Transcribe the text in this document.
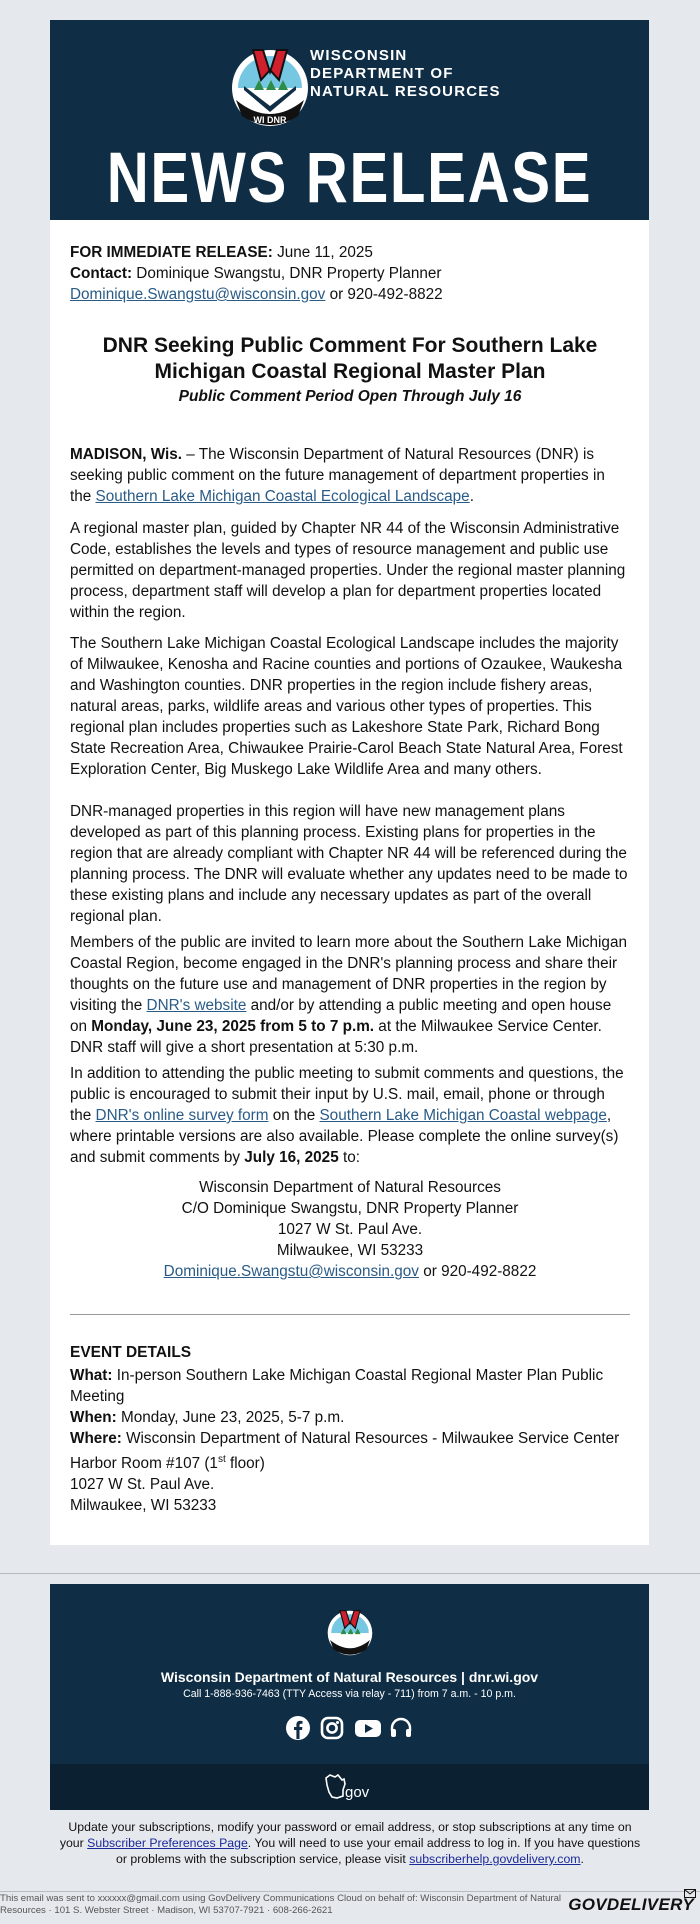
WI DNR
WISCONSIN
DEPARTMENT OF
NATURAL RESOURCES
NEWS RELEASE
FOR IMMEDIATE RELEASE: June 11, 2025
Contact: Dominique Swangstu, DNR Property Planner
Dominique.Swangstu@wisconsin.gov or 920-492-8822
DNR Seeking Public Comment For Southern Lake Michigan Coastal Regional Master Plan
Public Comment Period Open Through July 16

MADISON, Wis. – The Wisconsin Department of Natural Resources (DNR) is seeking public comment on the future management of department properties in the Southern Lake Michigan Coastal Ecological Landscape.

A regional master plan, guided by Chapter NR 44 of the Wisconsin Administrative Code, establishes the levels and types of resource management and public use permitted on department-managed properties. Under the regional master planning process, department staff will develop a plan for department properties located within the region.

The Southern Lake Michigan Coastal Ecological Landscape includes the majority of Milwaukee, Kenosha and Racine counties and portions of Ozaukee, Waukesha and Washington counties. DNR properties in the region include fishery areas, natural areas, parks, wildlife areas and various other types of properties. This regional plan includes properties such as Lakeshore State Park, Richard Bong State Recreation Area, Chiwaukee Prairie-Carol Beach State Natural Area, Forest Exploration Center, Big Muskego Lake Wildlife Area and many others.

DNR-managed properties in this region will have new management plans developed as part of this planning process. Existing plans for properties in the region that are already compliant with Chapter NR 44 will be referenced during the planning process. The DNR will evaluate whether any updates need to be made to these existing plans and include any necessary updates as part of the overall regional plan.

Members of the public are invited to learn more about the Southern Lake Michigan Coastal Region, become engaged in the DNR's planning process and share their thoughts on the future use and management of DNR properties in the region by visiting the DNR's website and/or by attending a public meeting and open house on Monday, June 23, 2025 from 5 to 7 p.m. at the Milwaukee Service Center. DNR staff will give a short presentation at 5:30 p.m.

In addition to attending the public meeting to submit comments and questions, the public is encouraged to submit their input by U.S. mail, email, phone or through the DNR's online survey form on the Southern Lake Michigan Coastal webpage, where printable versions are also available. Please complete the online survey(s) and submit comments by July 16, 2025 to:

Wisconsin Department of Natural Resources
C/O Dominique Swangstu, DNR Property Planner
1027 W St. Paul Ave.
Milwaukee, WI 53233
Dominique.Swangstu@wisconsin.gov or 920-492-8822
EVENT DETAILS
What: In-person Southern Lake Michigan Coastal Regional Master Plan Public Meeting
When: Monday, June 23, 2025, 5-7 p.m.
Where: Wisconsin Department of Natural Resources - Milwaukee Service Center
Harbor Room #107 (1st floor)
1027 W St. Paul Ave.
Milwaukee, WI 53233
Wisconsin Department of Natural Resources | dnr.wi.gov
Call 1-888-936-7463 (TTY Access via relay - 711) from 7 a.m. - 10 p.m.

gov
Update your subscriptions, modify your password or email address, or stop subscriptions at any time on your Subscriber Preferences Page. You will need to use your email address to log in. If you have questions or problems with the subscription service, please visit subscriberhelp.govdelivery.com.
This email was sent to xxxxxx@gmail.com using GovDelivery Communications Cloud on behalf of: Wisconsin Department of Natural Resources · 101 S. Webster Street · Madison, WI 53707-7921 · 608-266-2621	GOVDELIVERY
